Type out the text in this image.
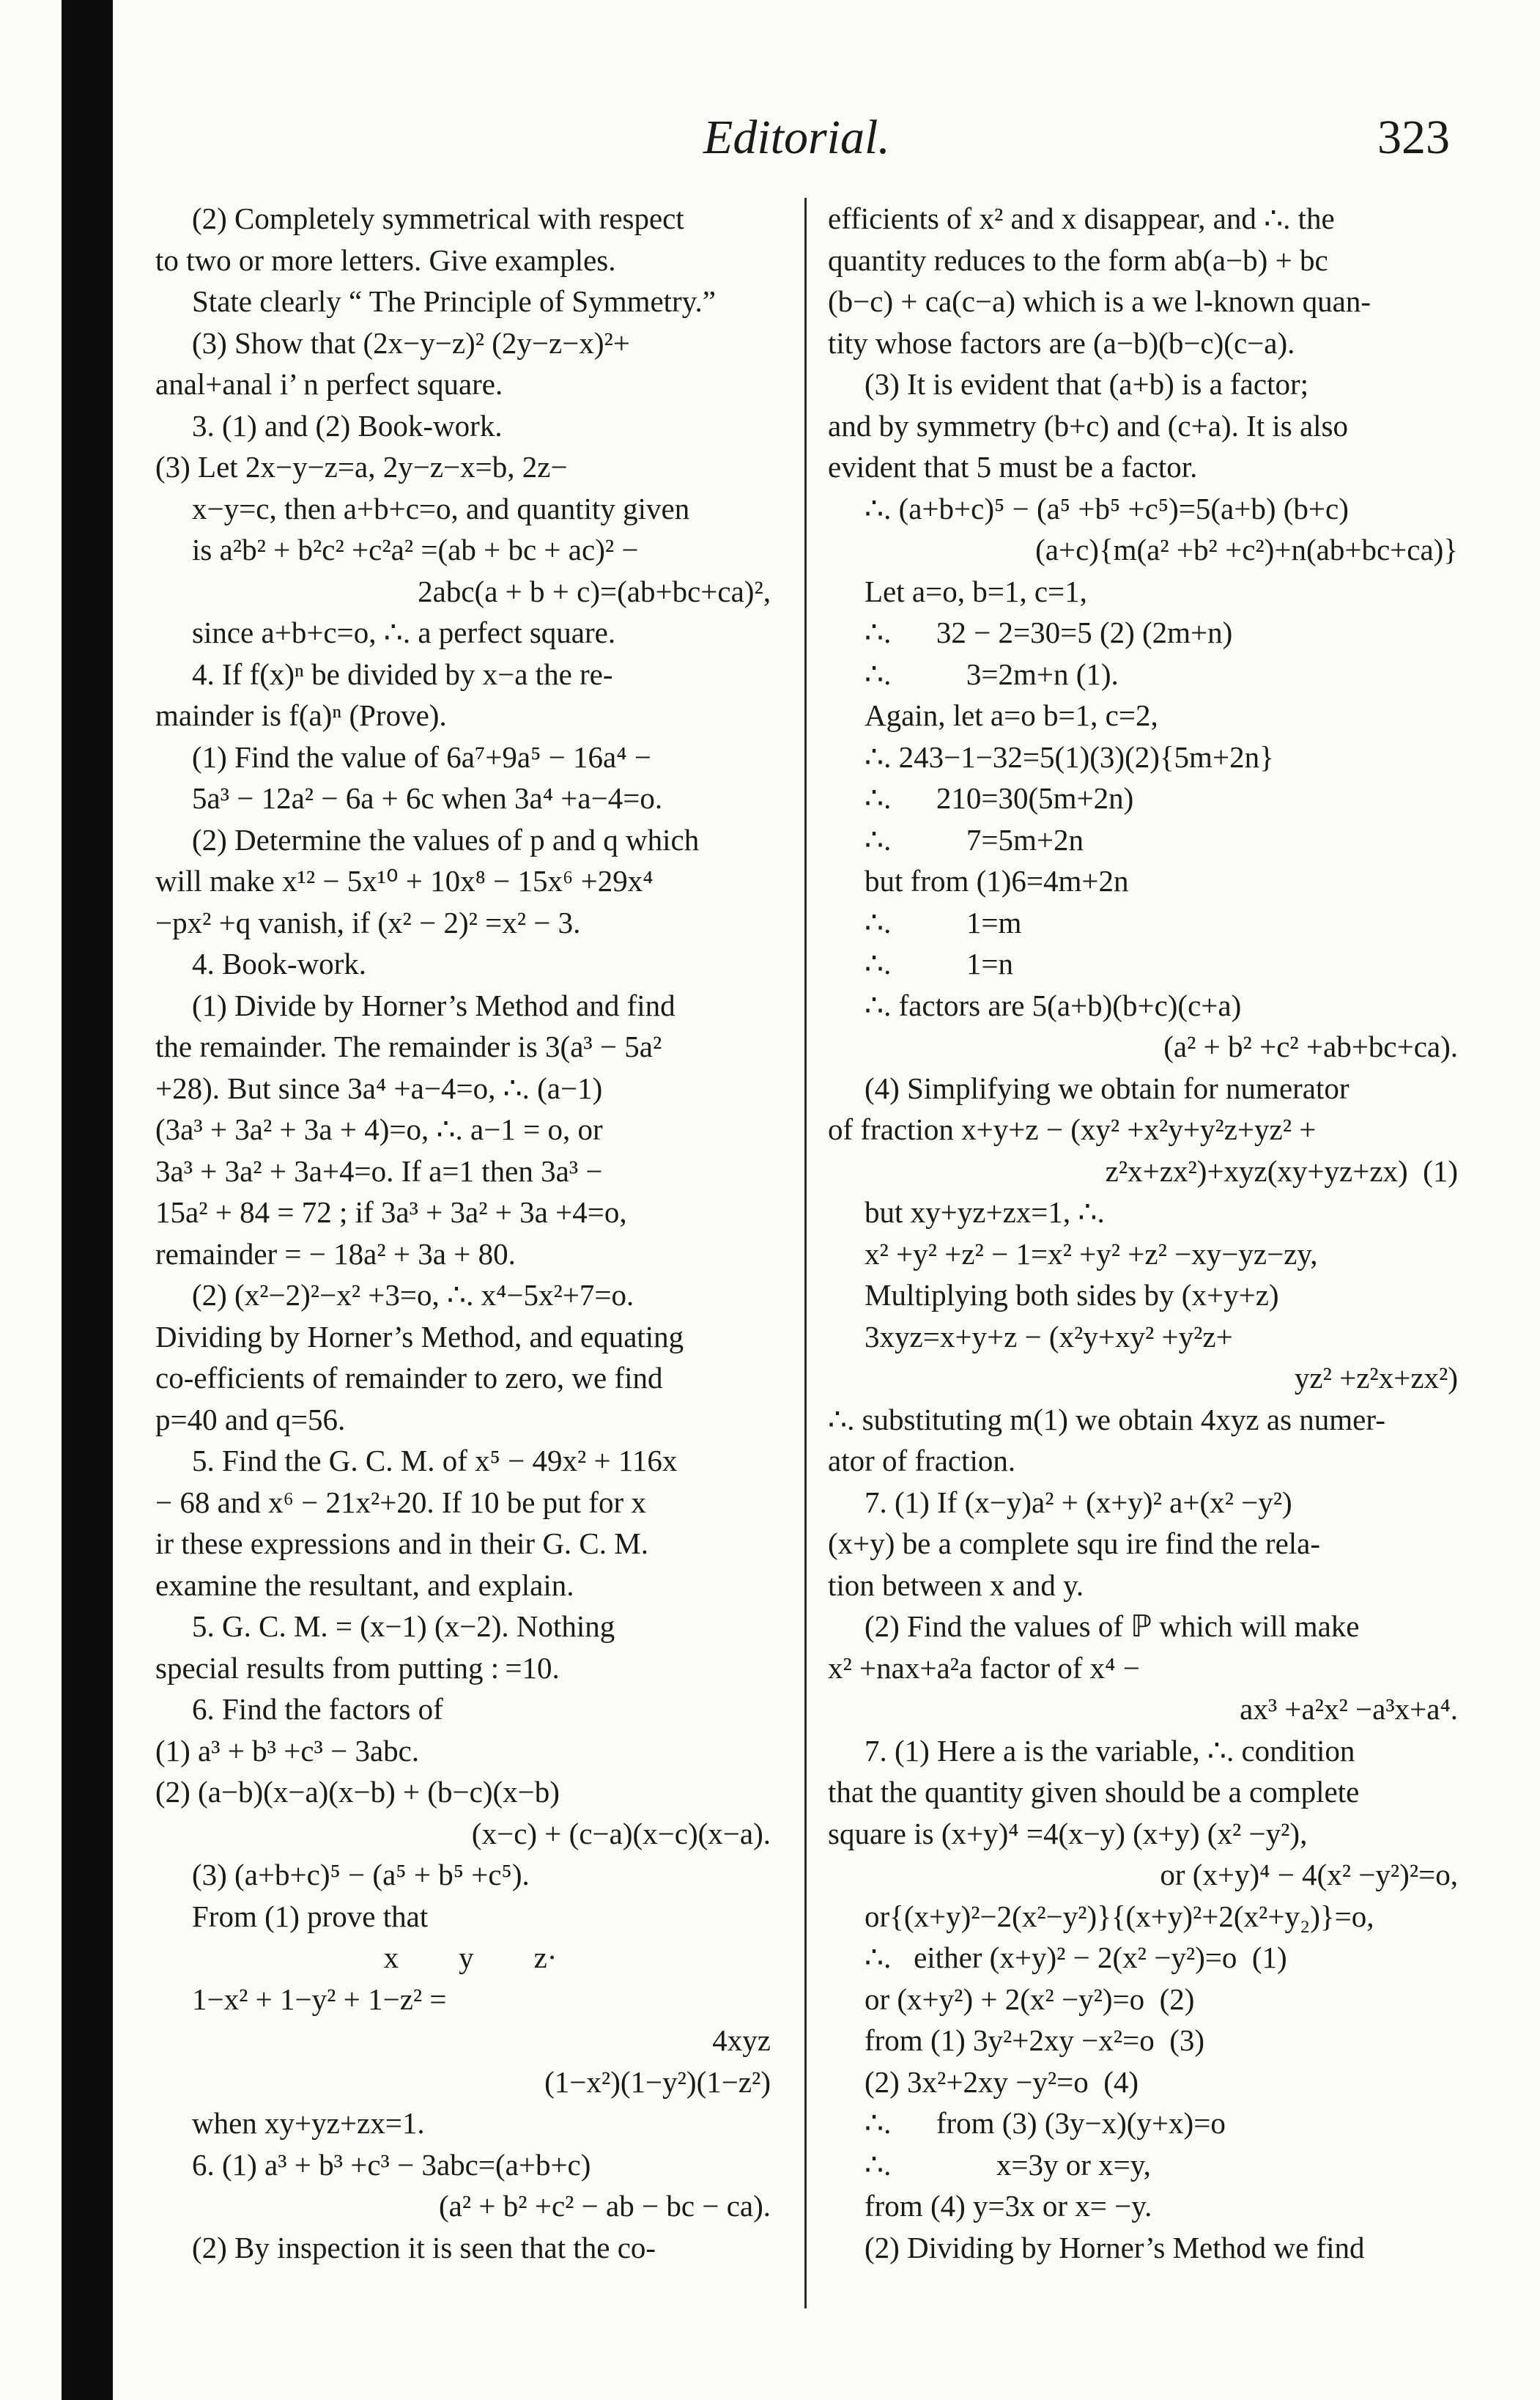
Editorial.	323
(2) Completely symmetrical with respect
to two or more letters. Give examples.
State clearly “ The Principle of Symmetry.”
(3) Show that (2x−y−z)² (2y−z−x)²+
anal+anal i’ n perfect square.
3. (1) and (2) Book-work.
(3) Let 2x−y−z=a, 2y−z−x=b, 2z−
x−y=c, then a+b+c=o, and quantity given
is a²b² + b²c² +c²a² =(ab + bc + ac)² −
2abc(a + b + c)=(ab+bc+ca)²,
since a+b+c=o, ∴. a perfect square.
4. If f(x)ⁿ be divided by x−a the re-
mainder is f(a)ⁿ (Prove).
(1) Find the value of 6a⁷+9a⁵ − 16a⁴ −
5a³ − 12a² − 6a + 6c when 3a⁴ +a−4=o.
(2) Determine the values of p and q which
will make x¹² − 5x¹⁰ + 10x⁸ − 15x⁶ +29x⁴
−px² +q vanish, if (x² − 2)² =x² − 3.
4. Book-work.
(1) Divide by Horner’s Method and find
the remainder. The remainder is 3(a³ − 5a²
+28). But since 3a⁴ +a−4=o, ∴. (a−1)
(3a³ + 3a² + 3a + 4)=o, ∴. a−1 = o, or
3a³ + 3a² + 3a+4=o. If a=1 then 3a³ −
15a² + 84 = 72 ; if 3a³ + 3a² + 3a +4=o,
remainder = − 18a² + 3a + 80.
(2) (x²−2)²−x² +3=o, ∴. x⁴−5x²+7=o.
Dividing by Horner’s Method, and equating
co-efficients of remainder to zero, we find
p=40 and q=56.
5. Find the G. C. M. of x⁵ − 49x² + 116x
− 68 and x⁶ − 21x²+20. If 10 be put for x
ir these expressions and in their G. C. M.
examine the resultant, and explain.
5. G. C. M. = (x−1) (x−2). Nothing
special results from putting : =10.
6. Find the factors of
(1) a³ + b³ +c³ − 3abc.
(2) (a−b)(x−a)(x−b) + (b−c)(x−b)
(x−c) + (c−a)(x−c)(x−a).
(3) (a+b+c)⁵ − (a⁵ + b⁵ +c⁵).
From (1) prove that
x        y        z·
1−x² + 1−y² + 1−z² =
4xyz
(1−x²)(1−y²)(1−z²)
when xy+yz+zx=1.
6. (1) a³ + b³ +c³ − 3abc=(a+b+c)
(a² + b² +c² − ab − bc − ca).
(2) By inspection it is seen that the co-
efficients of x² and x disappear, and ∴. the
quantity reduces to the form ab(a−b) + bc
(b−c) + ca(c−a) which is a we l-known quan-
tity whose factors are (a−b)(b−c)(c−a).
(3) It is evident that (a+b) is a factor;
and by symmetry (b+c) and (c+a). It is also
evident that 5 must be a factor.
∴. (a+b+c)⁵ − (a⁵ +b⁵ +c⁵)=5(a+b) (b+c)
(a+c){m(a² +b² +c²)+n(ab+bc+ca)}
Let a=o, b=1, c=1,
∴.      32 − 2=30=5 (2) (2m+n)
∴.          3=2m+n (1).
Again, let a=o b=1, c=2,
∴. 243−1−32=5(1)(3)(2){5m+2n}
∴.      210=30(5m+2n)
∴.          7=5m+2n
but from (1)6=4m+2n
∴.          1=m
∴.          1=n
∴. factors are 5(a+b)(b+c)(c+a)
(a² + b² +c² +ab+bc+ca).
(4) Simplifying we obtain for numerator
of fraction x+y+z − (xy² +x²y+y²z+yz² +
z²x+zx²)+xyz(xy+yz+zx)  (1)
but xy+yz+zx=1, ∴.
x² +y² +z² − 1=x² +y² +z² −xy−yz−zy,
Multiplying both sides by (x+y+z)
3xyz=x+y+z − (x²y+xy² +y²z+
yz² +z²x+zx²)
∴. substituting m(1) we obtain 4xyz as numer-
ator of fraction.
7. (1) If (x−y)a² + (x+y)² a+(x² −y²)
(x+y) be a complete squ ire find the rela-
tion between x and y.
(2) Find the values of ℙ which will make
x² +nax+a²a factor of x⁴ −
ax³ +a²x² −a³x+a⁴.
7. (1) Here a is the variable, ∴. condition
that the quantity given should be a complete
square is (x+y)⁴ =4(x−y) (x+y) (x² −y²),
or (x+y)⁴ − 4(x² −y²)²=o,
or{(x+y)²−2(x²−y²)}{(x+y)²+2(x²+y₂)}=o,
∴.   either (x+y)² − 2(x² −y²)=o  (1)
or (x+y²) + 2(x² −y²)=o  (2)
from (1) 3y²+2xy −x²=o  (3)
(2) 3x²+2xy −y²=o  (4)
∴.      from (3) (3y−x)(y+x)=o
∴.              x=3y or x=y,
from (4) y=3x or x= −y.
(2) Dividing by Horner’s Method we find
